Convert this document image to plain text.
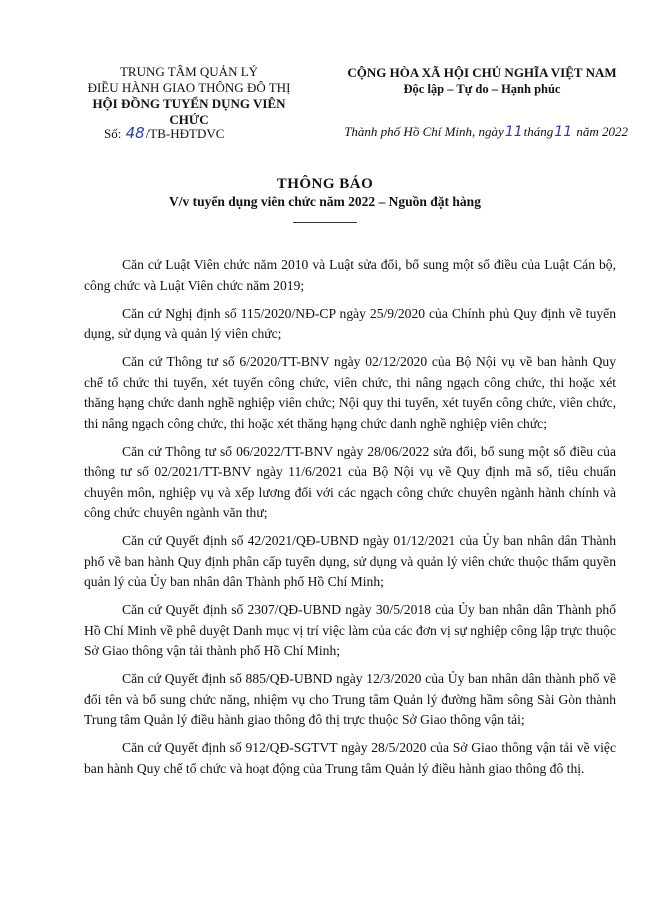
TRUNG TÂM QUẢN LÝ
ĐIỀU HÀNH GIAO THÔNG ĐÔ THỊ
HỘI ĐỒNG TUYỂN DỤNG VIÊN CHỨC
CỘNG HÒA XÃ HỘI CHỦ NGHĨA VIỆT NAM
Độc lập – Tự do – Hạnh phúc
Số: 48/TB-HĐTDVC	Thành phố Hồ Chí Minh, ngày11tháng11 năm 2022
THÔNG BÁO
V/v tuyển dụng viên chức năm 2022 – Nguồn đặt hàng

Căn cứ Luật Viên chức năm 2010 và Luật sửa đổi, bổ sung một số điều của Luật Cán bộ, công chức và Luật Viên chức năm 2019;

Căn cứ Nghị định số 115/2020/NĐ-CP ngày 25/9/2020 của Chính phủ Quy định về tuyển dụng, sử dụng và quản lý viên chức;

Căn cứ Thông tư số 6/2020/TT-BNV ngày 02/12/2020 của Bộ Nội vụ về ban hành Quy chế tổ chức thi tuyển, xét tuyển công chức, viên chức, thi nâng ngạch công chức, thi hoặc xét thăng hạng chức danh nghề nghiệp viên chức; Nội quy thi tuyển, xét tuyển công chức, viên chức, thi nâng ngạch công chức, thi hoặc xét thăng hạng chức danh nghề nghiệp viên chức;

Căn cứ Thông tư số 06/2022/TT-BNV ngày 28/06/2022 sửa đổi, bổ sung một số điều của thông tư số 02/2021/TT-BNV ngày 11/6/2021 của Bộ Nội vụ về Quy định mã số, tiêu chuẩn chuyên môn, nghiệp vụ và xếp lương đối với các ngạch công chức chuyên ngành hành chính và công chức chuyên ngành văn thư;

Căn cứ Quyết định số 42/2021/QĐ-UBND ngày 01/12/2021 của Ủy ban nhân dân Thành phố về ban hành Quy định phân cấp tuyển dụng, sử dụng và quản lý viên chức thuộc thẩm quyền quản lý của Ủy ban nhân dân Thành phố Hồ Chí Minh;

Căn cứ Quyết định số 2307/QĐ-UBND ngày 30/5/2018 của Ủy ban nhân dân Thành phố Hồ Chí Minh về phê duyệt Danh mục vị trí việc làm của các đơn vị sự nghiệp công lập trực thuộc Sở Giao thông vận tải thành phố Hồ Chí Minh;

Căn cứ Quyết định số 885/QĐ-UBND ngày 12/3/2020 của Ủy ban nhân dân thành phố về đổi tên và bổ sung chức năng, nhiệm vụ cho Trung tâm Quản lý đường hầm sông Sài Gòn thành Trung tâm Quản lý điều hành giao thông đô thị trực thuộc Sở Giao thông vận tải;

Căn cứ Quyết định số 912/QĐ-SGTVT ngày 28/5/2020 của Sở Giao thông vận tải về việc ban hành Quy chế tổ chức và hoạt động của Trung tâm Quản lý điều hành giao thông đô thị.
